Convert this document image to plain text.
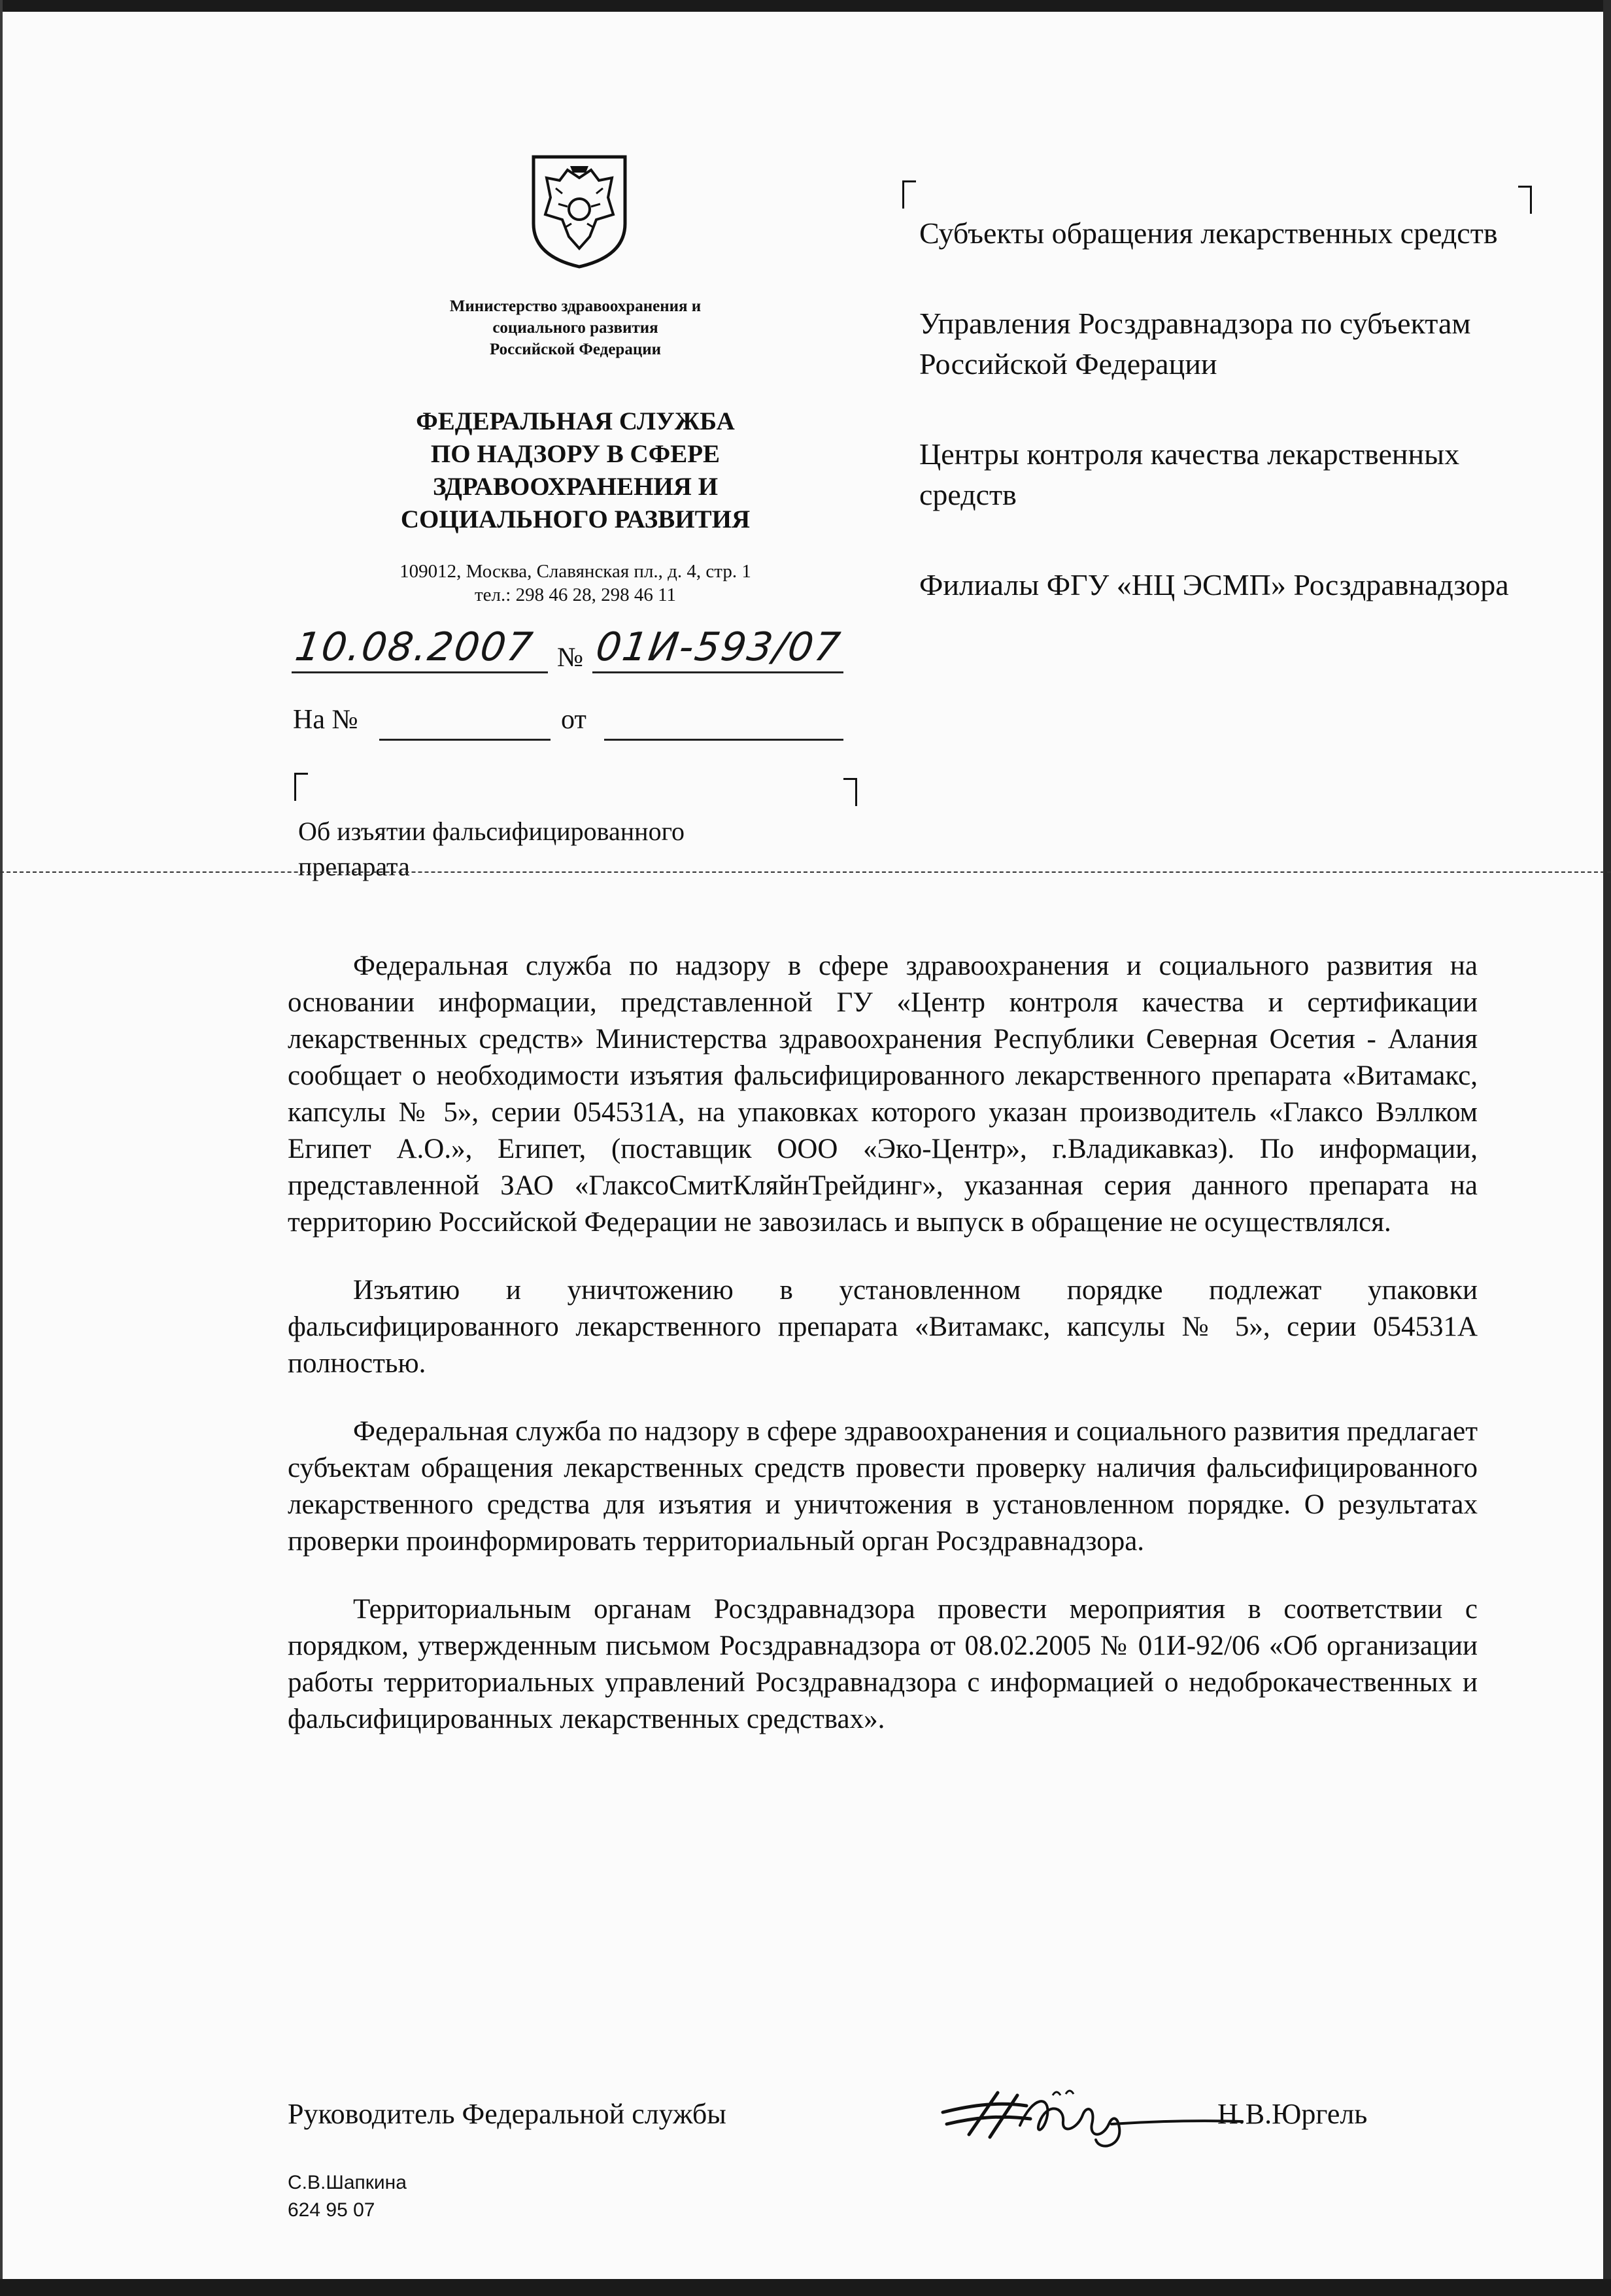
Министерство здравоохранения и
социального развития
Российской Федерации
ФЕДЕРАЛЬНАЯ СЛУЖБА
ПО НАДЗОРУ В СФЕРЕ
ЗДРАВООХРАНЕНИЯ И
СОЦИАЛЬНОГО РАЗВИТИЯ
109012, Москва, Славянская пл., д. 4, стр. 1
тел.: 298 46 28, 298 46 11
10.08.2007 № 01И-593/07
На №	от
Об изъятии фальсифицированного
препарата

Субъекты обращения лекарственных средств

Управления Росздравнадзора по субъектам Российской Федерации

Центры контроля качества лекарственных средств

Филиалы ФГУ «НЦ ЭСМП» Росздравнадзора

Федеральная служба по надзору в сфере здравоохранения и социального развития на основании информации, представленной ГУ «Центр контроля качества и сертификации лекарственных средств» Министерства здравоохранения Республики Северная Осетия - Алания сообщает о необходимости изъятия фальсифицированного лекарственного препарата «Витамакс, капсулы № 5», серии 054531А, на упаковках которого указан производитель «Глаксо Вэллком Египет А.О.», Египет, (поставщик ООО «Эко-Центр», г.Владикавказ). По информации, представленной ЗАО «ГлаксоСмитКляйнТрейдинг», указанная серия данного препарата на территорию Российской Федерации не завозилась и выпуск в обращение не осуществлялся.

Изъятию и уничтожению в установленном порядке подлежат упаковки фальсифицированного лекарственного препарата «Витамакс, капсулы № 5», серии 054531А полностью.

Федеральная служба по надзору в сфере здравоохранения и социального развития предлагает субъектам обращения лекарственных средств провести проверку наличия фальсифицированного лекарственного средства для изъятия и уничтожения в установленном порядке. О результатах проверки проинформировать территориальный орган Росздравнадзора.

Территориальным органам Росздравнадзора провести мероприятия в соответствии с порядком, утвержденным письмом Росздравнадзора от 08.02.2005 № 01И-92/06 «Об организации работы территориальных управлений Росздравнадзора с информацией о недоброкачественных и фальсифицированных лекарственных средствах».

Руководитель Федеральной службы	Н.В.Юргель
С.В.Шапкина
624 95 07
